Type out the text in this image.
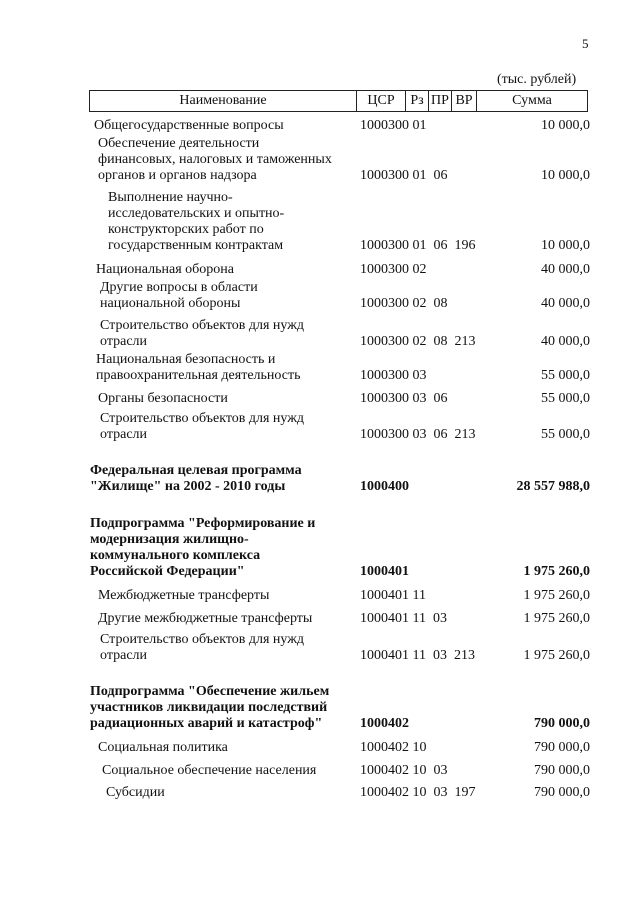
5
(тыс. рублей)
Наименование	ЦСР	Рз ПР ВР	Сумма
Общегосударственные вопросы	1000300 01	10 000,0
Обеспечение деятельности
финансовых, налоговых и таможенных
органов и органов надзора	1000300 01  06	10 000,0
Выполнение научно-
исследовательских и опытно-
конструкторских работ по
государственным контрактам	1000300 01  06  196	10 000,0
Национальная оборона	1000300 02	40 000,0
Другие вопросы в области
национальной обороны	1000300 02  08	40 000,0
Строительство объектов для нужд
отрасли	1000300 02  08  213	40 000,0
Национальная безопасность и
правоохранительная деятельность	1000300 03	55 000,0
Органы безопасности	1000300 03  06	55 000,0
Строительство объектов для нужд
отрасли	1000300 03  06  213	55 000,0
Федеральная целевая программа
"Жилище" на 2002 - 2010 годы	1000400	28 557 988,0
Подпрограмма "Реформирование и
модернизация жилищно-
коммунального комплекса
Российской Федерации"	1000401	1 975 260,0
Межбюджетные трансферты	1000401 11	1 975 260,0
Другие межбюджетные трансферты	1000401 11  03	1 975 260,0
Строительство объектов для нужд
отрасли	1000401 11  03  213	1 975 260,0
Подпрограмма "Обеспечение жильем
участников ликвидации последствий
радиационных аварий и катастроф"	1000402	790 000,0
Социальная политика	1000402 10	790 000,0
Социальное обеспечение населения	1000402 10  03	790 000,0
Субсидии	1000402 10  03  197	790 000,0
